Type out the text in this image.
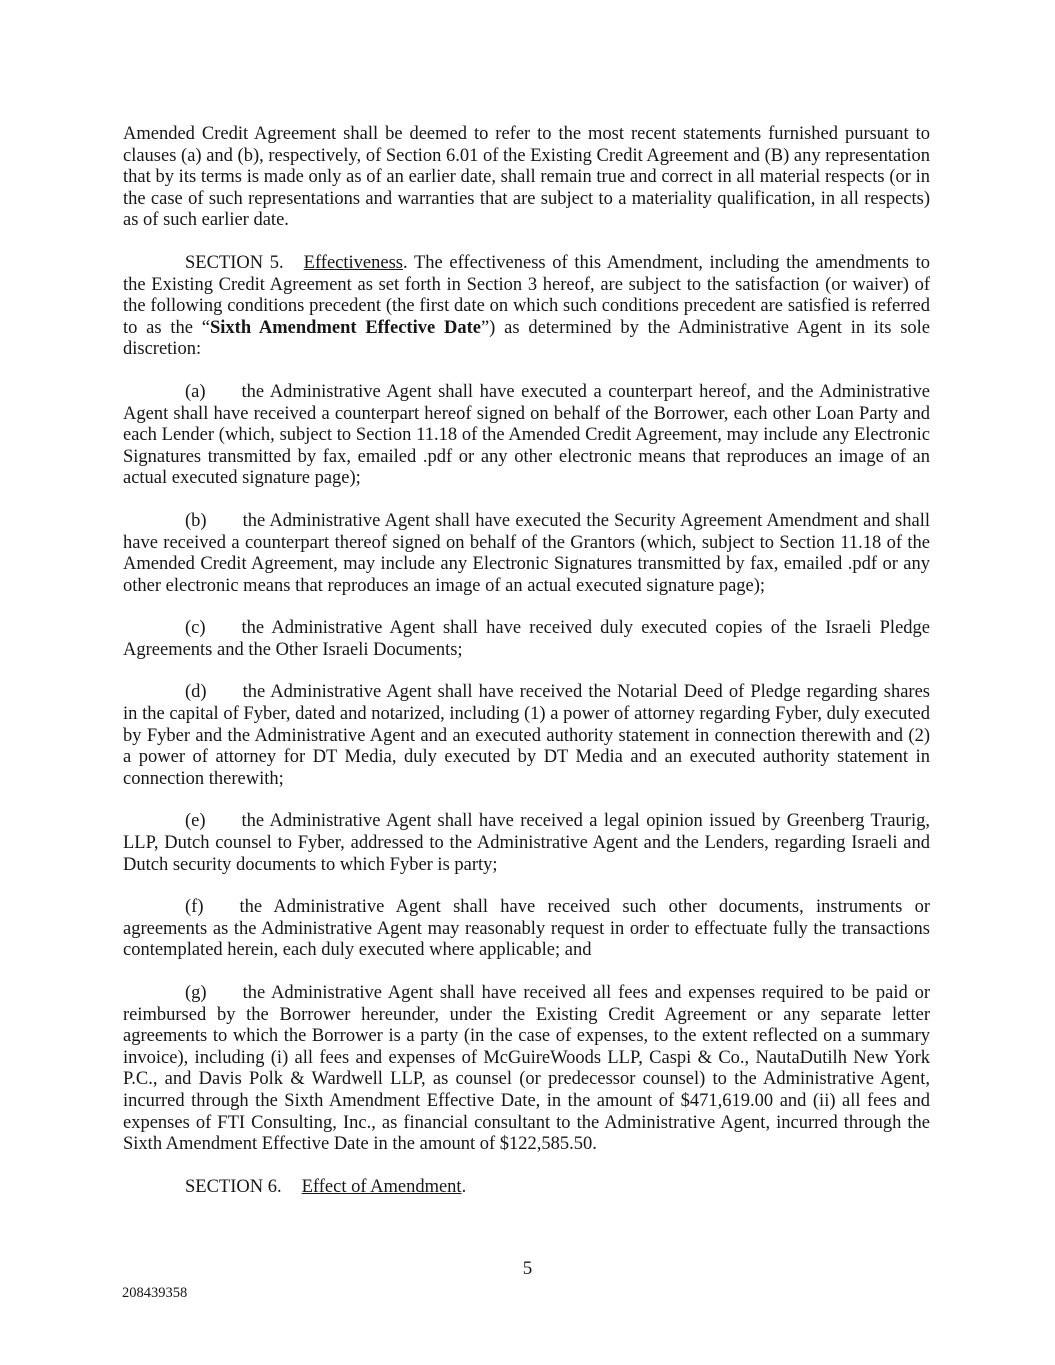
Amended Credit Agreement shall be deemed to refer to the most recent statements furnished pursuant to clauses (a) and (b), respectively, of Section 6.01 of the Existing Credit Agreement and (B) any representation that by its terms is made only as of an earlier date, shall remain true and correct in all material respects (or in the case of such representations and warranties that are subject to a materiality qualification, in all respects) as of such earlier date.

SECTION 5. Effectiveness. The effectiveness of this Amendment, including the amendments to the Existing Credit Agreement as set forth in Section 3 hereof, are subject to the satisfaction (or waiver) of the following conditions precedent (the first date on which such conditions precedent are satisfied is referred to as the “Sixth Amendment Effective Date”) as determined by the Administrative Agent in its sole discretion:

(a) the Administrative Agent shall have executed a counterpart hereof, and the Administrative Agent shall have received a counterpart hereof signed on behalf of the Borrower, each other Loan Party and each Lender (which, subject to Section 11.18 of the Amended Credit Agreement, may include any Electronic Signatures transmitted by fax, emailed .pdf or any other electronic means that reproduces an image of an actual executed signature page);

(b) the Administrative Agent shall have executed the Security Agreement Amendment and shall have received a counterpart thereof signed on behalf of the Grantors (which, subject to Section 11.18 of the Amended Credit Agreement, may include any Electronic Signatures transmitted by fax, emailed .pdf or any other electronic means that reproduces an image of an actual executed signature page);

(c) the Administrative Agent shall have received duly executed copies of the Israeli Pledge Agreements and the Other Israeli Documents;

(d) the Administrative Agent shall have received the Notarial Deed of Pledge regarding shares in the capital of Fyber, dated and notarized, including (1) a power of attorney regarding Fyber, duly executed by Fyber and the Administrative Agent and an executed authority statement in connection therewith and (2) a power of attorney for DT Media, duly executed by DT Media and an executed authority statement in connection therewith;

(e) the Administrative Agent shall have received a legal opinion issued by Greenberg Traurig, LLP, Dutch counsel to Fyber, addressed to the Administrative Agent and the Lenders, regarding Israeli and Dutch security documents to which Fyber is party;

(f) the Administrative Agent shall have received such other documents, instruments or agreements as the Administrative Agent may reasonably request in order to effectuate fully the transactions contemplated herein, each duly executed where applicable; and

(g) the Administrative Agent shall have received all fees and expenses required to be paid or reimbursed by the Borrower hereunder, under the Existing Credit Agreement or any separate letter agreements to which the Borrower is a party (in the case of expenses, to the extent reflected on a summary invoice), including (i) all fees and expenses of McGuireWoods LLP, Caspi & Co., NautaDutilh New York P.C., and Davis Polk & Wardwell LLP, as counsel (or predecessor counsel) to the Administrative Agent, incurred through the Sixth Amendment Effective Date, in the amount of $471,619.00 and (ii) all fees and expenses of FTI Consulting, Inc., as financial consultant to the Administrative Agent, incurred through the Sixth Amendment Effective Date in the amount of $122,585.50.

SECTION 6. Effect of Amendment.

5
208439358
